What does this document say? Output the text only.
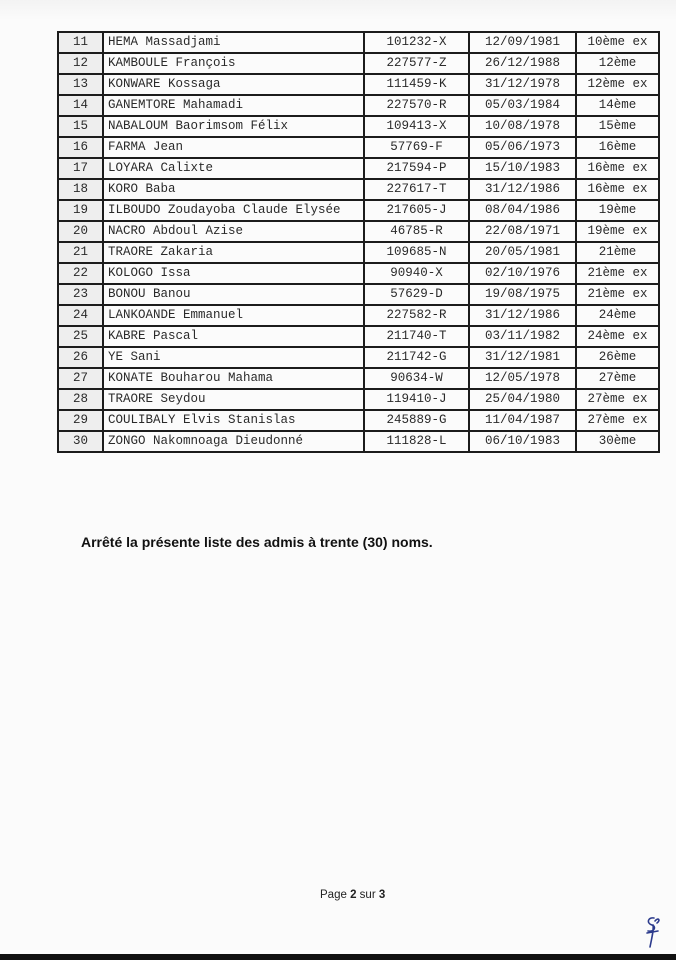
11	HEMA Massadjami	101232-X	12/09/1981	10ème ex
12	KAMBOULE François	227577-Z	26/12/1988	12ème
13	KONWARE Kossaga	111459-K	31/12/1978	12ème ex
14	GANEMTORE Mahamadi	227570-R	05/03/1984	14ème
15	NABALOUM Baorimsom Félix	109413-X	10/08/1978	15ème
16	FARMA Jean	57769-F	05/06/1973	16ème
17	LOYARA Calixte	217594-P	15/10/1983	16ème ex
18	KORO Baba	227617-T	31/12/1986	16ème ex
19	ILBOUDO Zoudayoba Claude Elysée	217605-J	08/04/1986	19ème
20	NACRO Abdoul Azise	46785-R	22/08/1971	19ème ex
21	TRAORE Zakaria	109685-N	20/05/1981	21ème
22	KOLOGO Issa	90940-X	02/10/1976	21ème ex
23	BONOU Banou	57629-D	19/08/1975	21ème ex
24	LANKOANDE Emmanuel	227582-R	31/12/1986	24ème
25	KABRE Pascal	211740-T	03/11/1982	24ème ex
26	YE Sani	211742-G	31/12/1981	26ème
27	KONATE Bouharou Mahama	90634-W	12/05/1978	27ème
28	TRAORE Seydou	119410-J	25/04/1980	27ème ex
29	COULIBALY Elvis Stanislas	245889-G	11/04/1987	27ème ex
30	ZONGO Nakomnoaga Dieudonné	111828-L	06/10/1983	30ème
Arrêté la présente liste des admis à trente (30) noms.
Page 2 sur 3
